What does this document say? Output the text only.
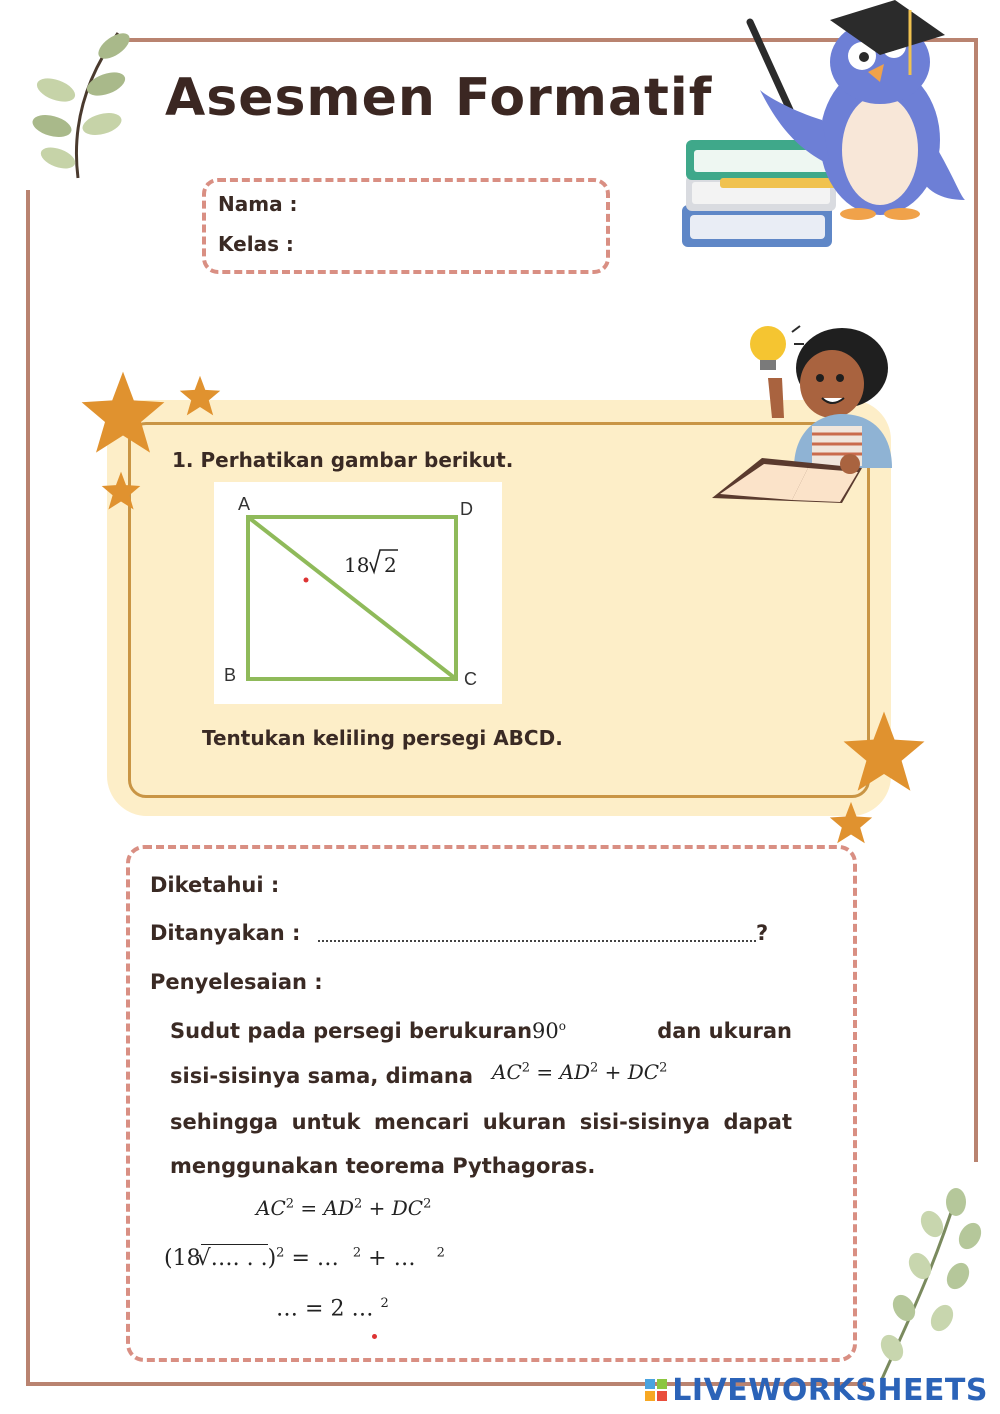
Asesmen Formatif
Nama :
Kelas :
1. Perhatikan gambar berikut.
A	D
B	C
18 2
Tentukan keliling persegi ABCD.
Diketahui :
Ditanyakan :	?
Penyelesaian :
Sudut pada persegi berukuran90$^o$	dan ukuran
sisi-sisinya sama, dimana $AC^2 = AD^2 + DC^2$
sehingga untuk mencari ukuran sisi-sisinya dapat
menggunakan teorema Pythagoras.
$AC^2 = AD^2 + DC^2$
(18√…. . .)$^2$ = … $^2$ + … $^2$
… = 2 … $^2$
LIVEWORKSHEETS
